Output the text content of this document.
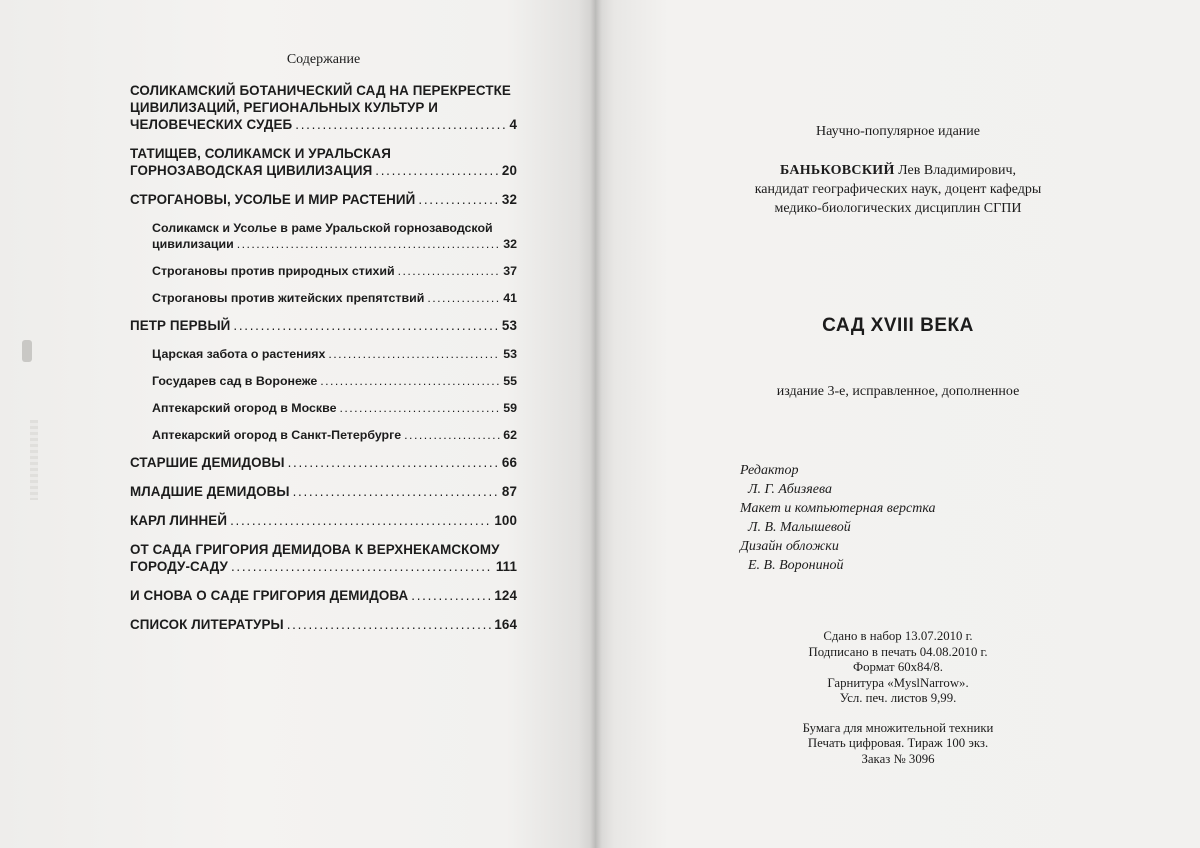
Содержание
СОЛИКАМСКИЙ БОТАНИЧЕСКИЙ САД НА ПЕРЕКРЕСТКЕ
ЦИВИЛИЗАЦИЙ, РЕГИОНАЛЬНЫХ КУЛЬТУР И
ЧЕЛОВЕЧЕСКИХ СУДЕБ . . .	4
ТАТИЩЕВ, СОЛИКАМСК И УРАЛЬСКАЯ
ГОРНОЗАВОДСКАЯ ЦИВИЛИЗАЦИЯ . . .	20
СТРОГАНОВЫ, УСОЛЬЕ И МИР РАСТЕНИЙ . . .	32
Соликамск и Усолье в раме Уральской горнозаводской
цивилизации . . .	32
Строгановы против природных стихий . . .	37
Строгановы против житейских препятствий . . .	41
ПЕТР ПЕРВЫЙ . . .	53
Царская забота о растениях . . .	53
Государев сад в Воронеже . . .	55
Аптекарский огород в Москве . . .	59
Аптекарский огород в Санкт-Петербурге . . .	62
СТАРШИЕ ДЕМИДОВЫ . . .	66
МЛАДШИЕ ДЕМИДОВЫ . . .	87
КАРЛ ЛИННЕЙ . . .	100
ОТ САДА ГРИГОРИЯ ДЕМИДОВА К ВЕРХНЕКАМСКОМУ
ГОРОДУ-САДУ . . .	111
И СНОВА О САДЕ ГРИГОРИЯ ДЕМИДОВА . . .	124
СПИСОК ЛИТЕРАТУРЫ . . .	164
Научно-популярное идание
БАНЬКОВСКИЙ Лев Владимирович,
кандидат географических наук, доцент кафедры
медико-биологических дисциплин СГПИ
САД XVIII ВЕКА
издание 3-е, исправленное, дополненное
Редактор
Л. Г. Абизяева
Макет и компьютерная верстка
Л. В. Малышевой
Дизайн обложки
Е. В. Ворониной
Сдано в набор 13.07.2010 г.
Подписано в печать 04.08.2010 г.
Формат 60x84/8.
Гарнитура «MyslNarrow».
Усл. печ. листов 9,99.
Бумага для множительной техники
Печать цифровая. Тираж 100 экз.
Заказ № 3096
